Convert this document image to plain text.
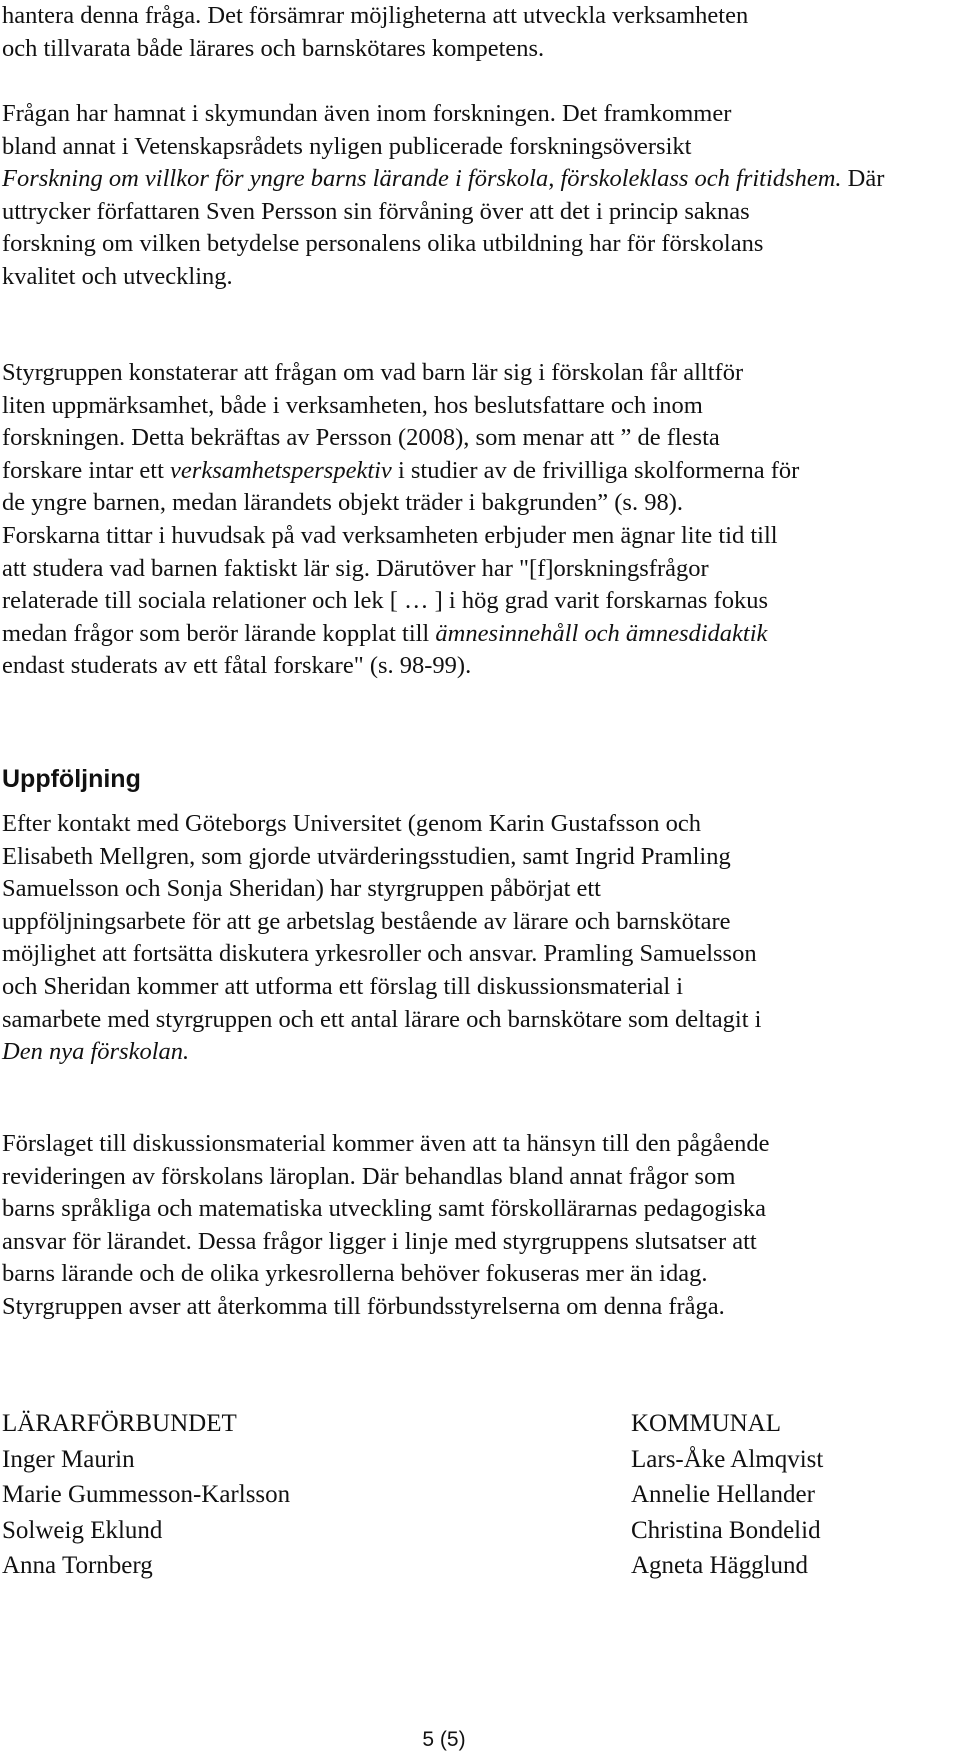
hantera denna fråga. Det försämrar möjligheterna att utveckla verksamheten
och tillvarata både lärares och barnskötares kompetens.
Frågan har hamnat i skymundan även inom forskningen. Det framkommer
bland annat i Vetenskapsrådets nyligen publicerade forskningsöversikt
Forskning om villkor för yngre barns lärande i förskola, förskoleklass och fritidshem. Där
uttrycker författaren Sven Persson sin förvåning över att det i princip saknas
forskning om vilken betydelse personalens olika utbildning har för förskolans
kvalitet och utveckling.
Styrgruppen konstaterar att frågan om vad barn lär sig i förskolan får alltför
liten uppmärksamhet, både i verksamheten, hos beslutsfattare och inom
forskningen. Detta bekräftas av Persson (2008), som menar att ” de flesta
forskare intar ett verksamhetsperspektiv i studier av de frivilliga skolformerna för
de yngre barnen, medan lärandets objekt träder i bakgrunden” (s. 98).
Forskarna tittar i huvudsak på vad verksamheten erbjuder men ägnar lite tid till
att studera vad barnen faktiskt lär sig. Därutöver har "[f]orskningsfrågor
relaterade till sociala relationer och lek [ … ] i hög grad varit forskarnas fokus
medan frågor som berör lärande kopplat till ämnesinnehåll och ämnesdidaktik
endast studerats av ett fåtal forskare" (s. 98-99).
Uppföljning
Efter kontakt med Göteborgs Universitet (genom Karin Gustafsson och
Elisabeth Mellgren, som gjorde utvärderingsstudien, samt Ingrid Pramling
Samuelsson och Sonja Sheridan) har styrgruppen påbörjat ett
uppföljningsarbete för att ge arbetslag bestående av lärare och barnskötare
möjlighet att fortsätta diskutera yrkesroller och ansvar. Pramling Samuelsson
och Sheridan kommer att utforma ett förslag till diskussionsmaterial i
samarbete med styrgruppen och ett antal lärare och barnskötare som deltagit i
Den nya förskolan.
Förslaget till diskussionsmaterial kommer även att ta hänsyn till den pågående
revideringen av förskolans läroplan. Där behandlas bland annat frågor som
barns språkliga och matematiska utveckling samt förskollärarnas pedagogiska
ansvar för lärandet. Dessa frågor ligger i linje med styrgruppens slutsatser att
barns lärande och de olika yrkesrollerna behöver fokuseras mer än idag.
Styrgruppen avser att återkomma till förbundsstyrelserna om denna fråga.
LÄRARFÖRBUNDET
Inger Maurin
Marie Gummesson-Karlsson
Solweig Eklund
Anna Tornberg
KOMMUNAL
Lars-Åke Almqvist
Annelie Hellander
Christina Bondelid
Agneta Hägglund
5 (5)
